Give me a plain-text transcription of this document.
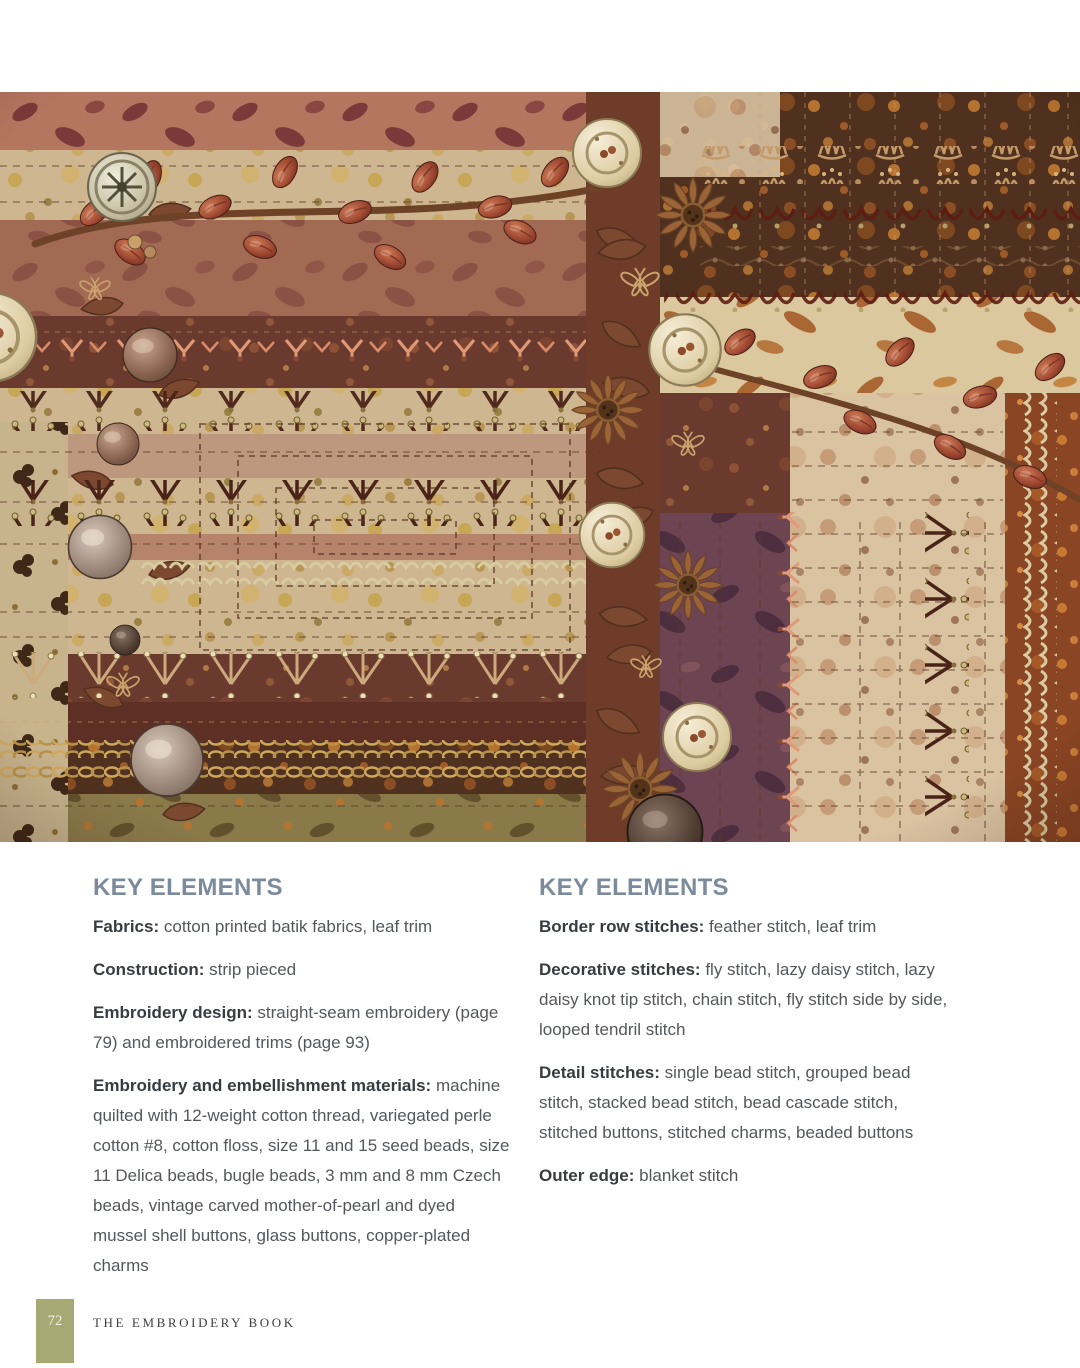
KEY ELEMENTS

Fabrics: cotton printed batik fabrics, leaf trim

Construction: strip pieced

Embroidery design: straight-seam embroidery (page 79) and embroidered trims (page 93)

Embroidery and embellishment materials: machine quilted with 12-weight cotton thread, variegated perle cotton #8, cotton floss, size 11 and 15 seed beads, size 11 Delica beads, bugle beads, 3 mm and 8 mm Czech beads, vintage carved mother-of-pearl and dyed mussel shell buttons, glass buttons, copper-plated charms

KEY ELEMENTS

Border row stitches: feather stitch, leaf trim

Decorative stitches: fly stitch, lazy daisy stitch, lazy daisy knot tip stitch, chain stitch, fly stitch side by side, looped tendril stitch

Detail stitches: single bead stitch, grouped bead stitch, stacked bead stitch, bead cascade stitch, stitched buttons, stitched charms, beaded buttons

Outer edge: blanket stitch

72	THE EMBROIDERY BOOK
